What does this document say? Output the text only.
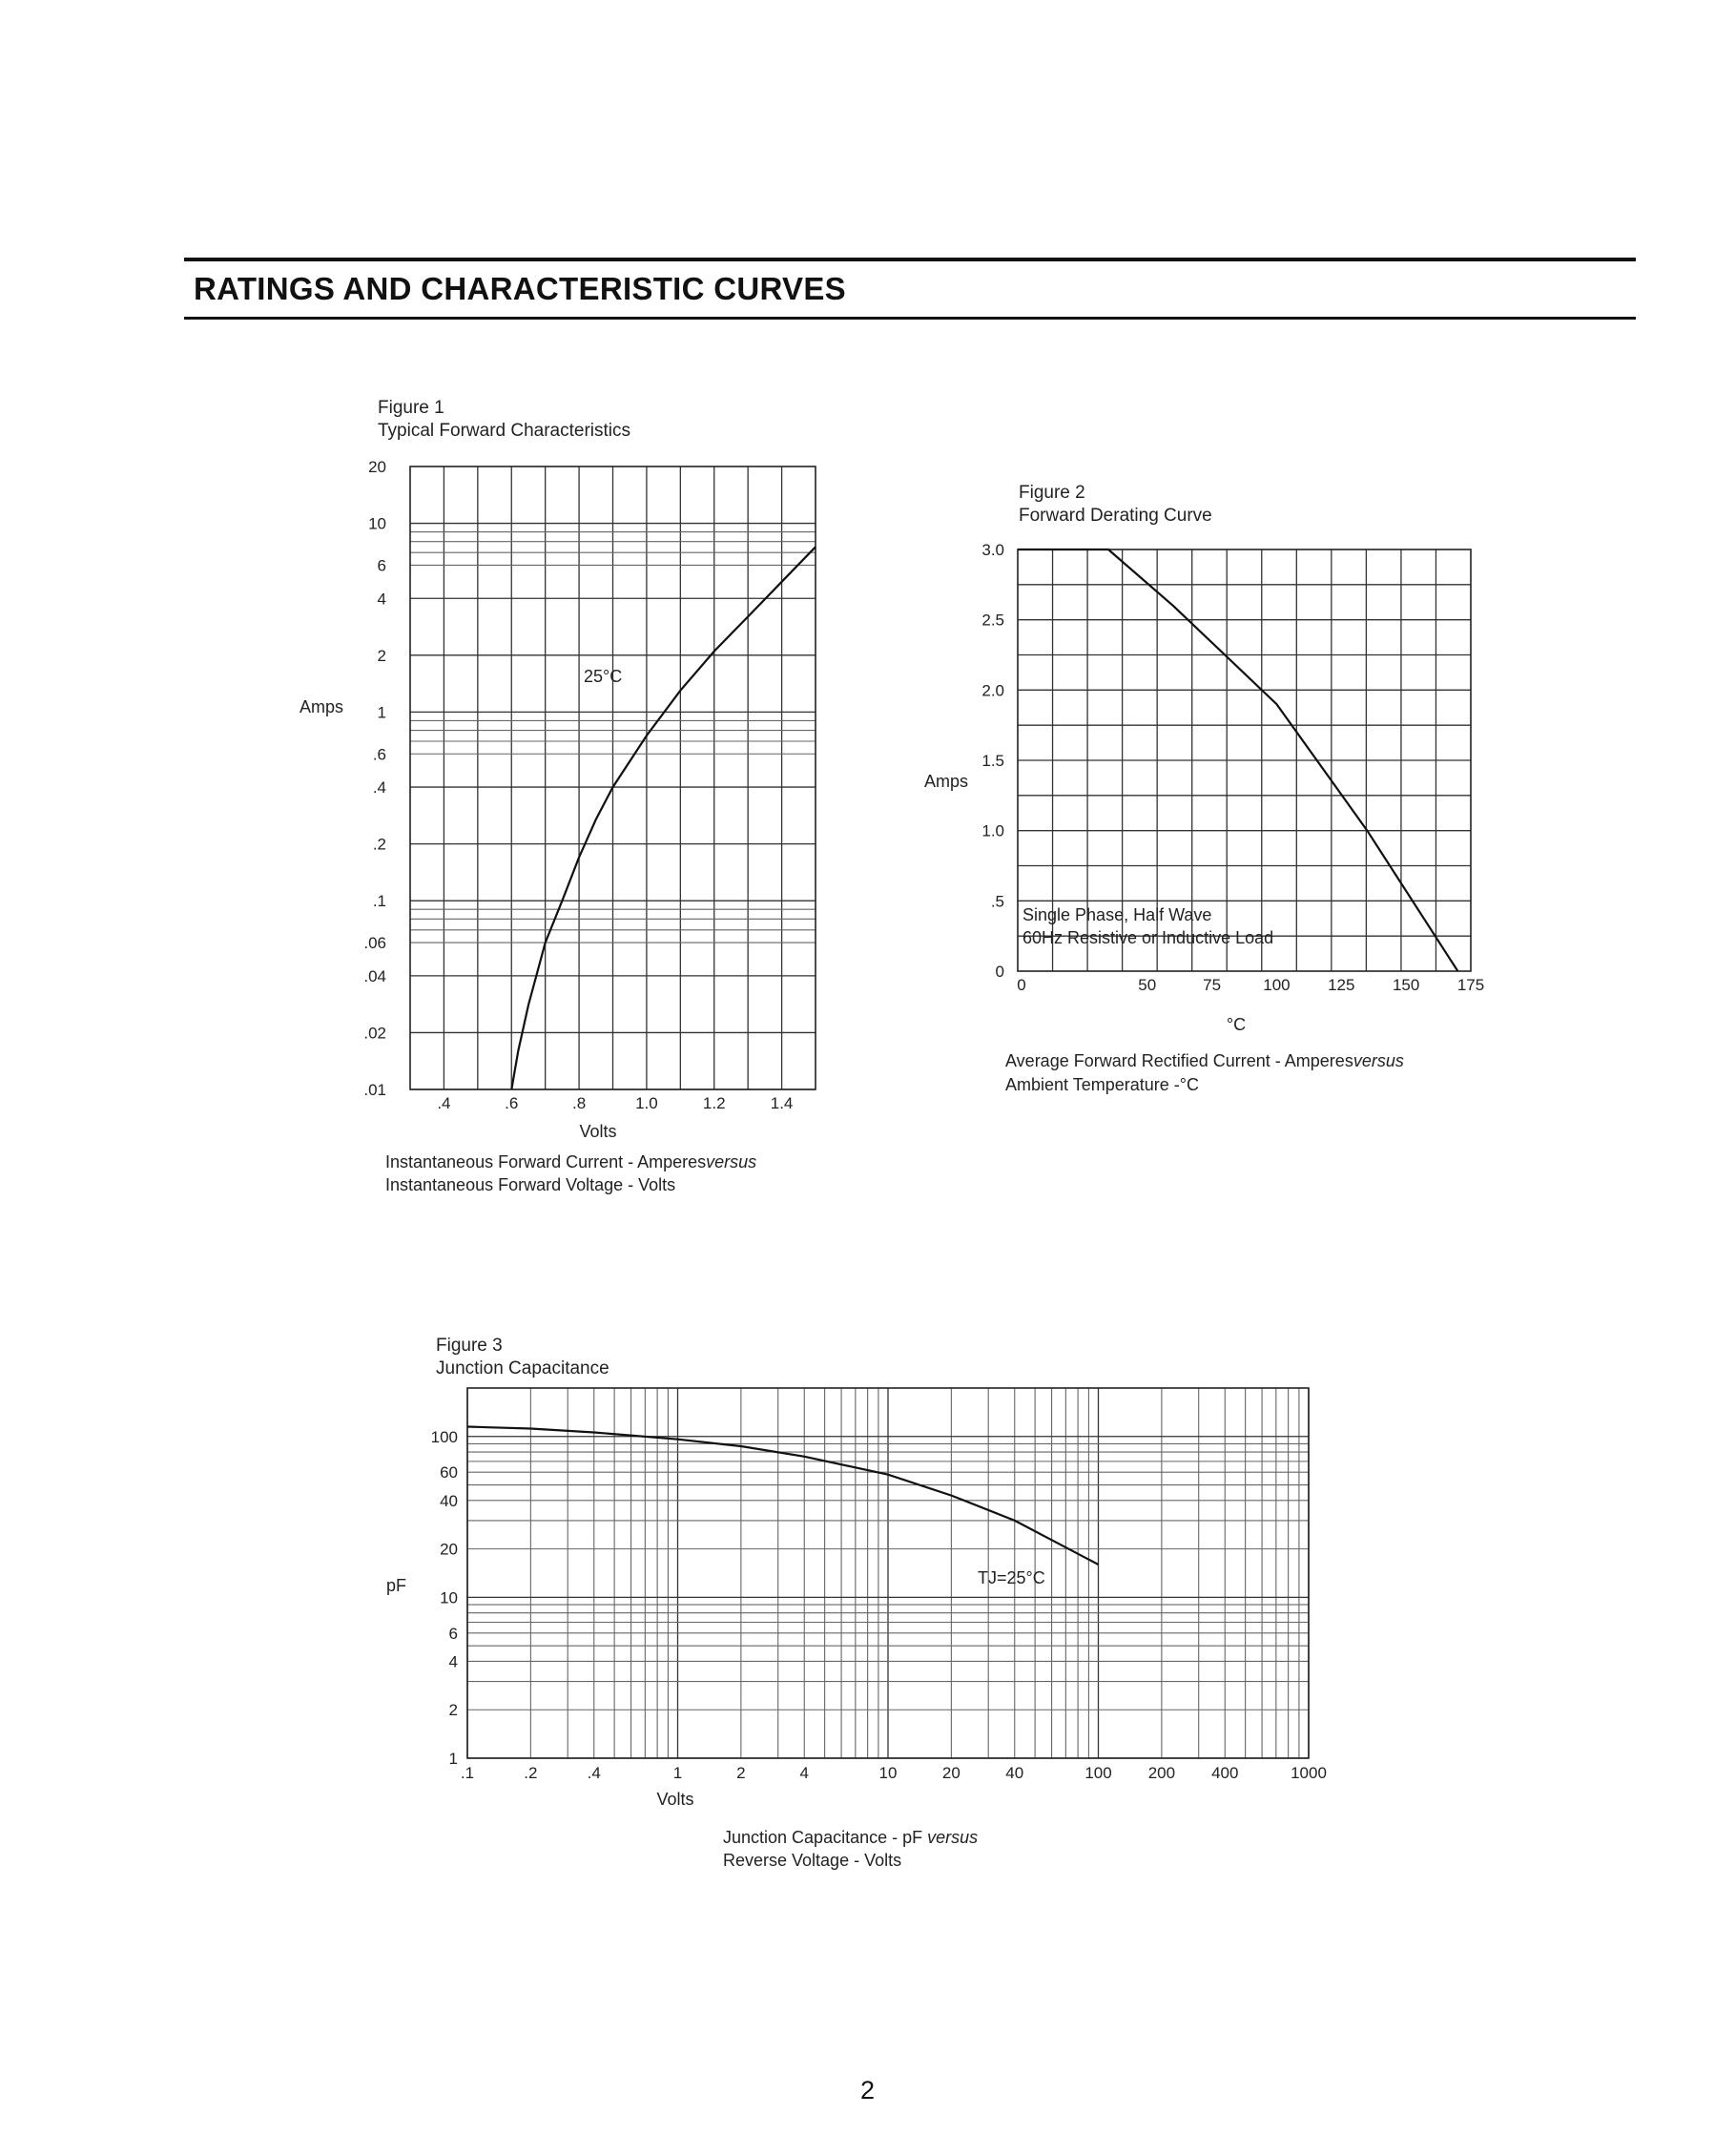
RATINGS AND CHARACTERISTIC CURVES
2
Figure 1
Typical Forward Characteristics
20
10
6
4
2
1
.6
.4
.2
.1
.06
.04
.02
.01
.4	.6	.8	1.0	1.2	1.4
Amps
Volts
25°C
Instantaneous Forward Current - Amperesversus
Instantaneous Forward Voltage - Volts
Figure 2
Forward Derating Curve
3.0
2.5
2.0
1.5
1.0
.5
0
0	50	75	100 125 150 175
Amps
°C
Single Phase, Half Wave
60Hz Resistive or Inductive Load
Average Forward Rectified Current - Amperesversus
Ambient Temperature -°C
Figure 3
Junction Capacitance
100
60
40
20
10
6
4
2
1
.1	.2	.4	1	2	4	10	20	40	100 200 400	1000
pF
Volts
TJ=25°C
Junction Capacitance - pF versus
Reverse Voltage - Volts
